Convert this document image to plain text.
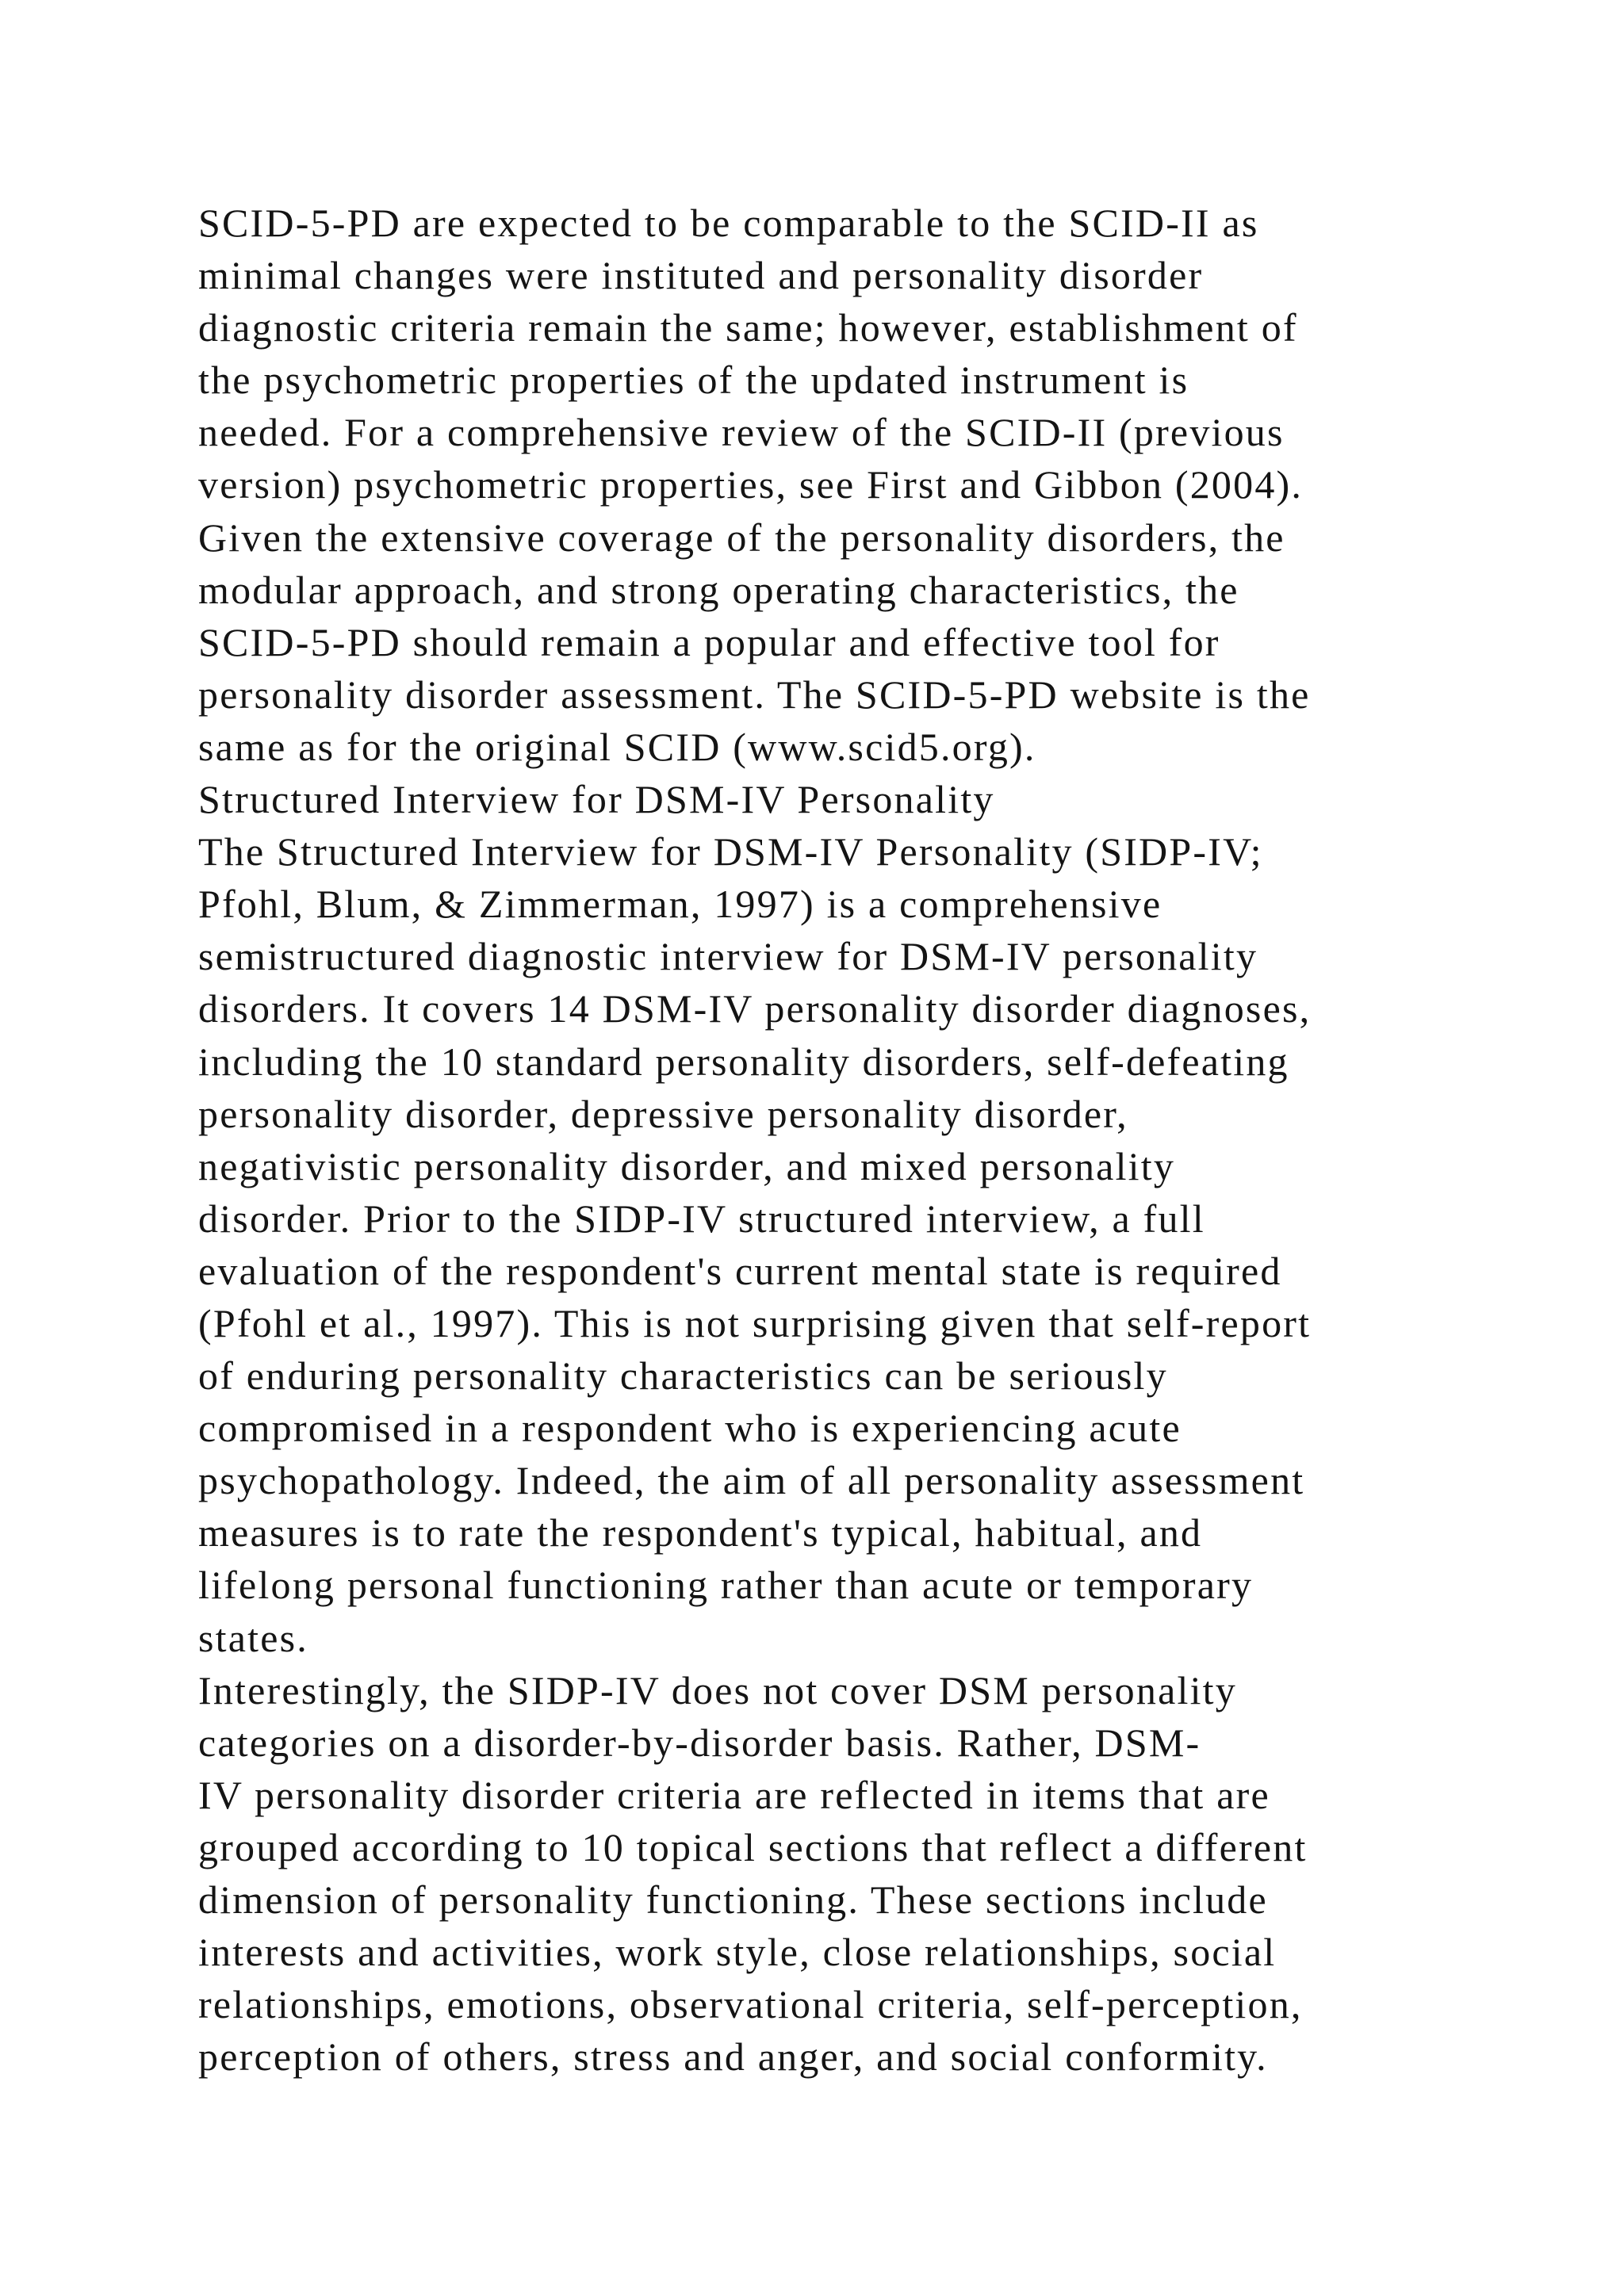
SCID-5-PD are expected to be comparable to the SCID-II as
minimal changes were instituted and personality disorder
diagnostic criteria remain the same; however, establishment of
the psychometric properties of the updated instrument is
needed. For a comprehensive review of the SCID-II (previous
version) psychometric properties, see First and Gibbon (2004).
Given the extensive coverage of the personality disorders, the
modular approach, and strong operating characteristics, the
SCID-5-PD should remain a popular and effective tool for
personality disorder assessment. The SCID-5-PD website is the
same as for the original SCID (www.scid5.org).
Structured Interview for DSM-IV Personality
The Structured Interview for DSM-IV Personality (SIDP-IV;
Pfohl, Blum, & Zimmerman, 1997) is a comprehensive
semistructured diagnostic interview for DSM-IV personality
disorders. It covers 14 DSM-IV personality disorder diagnoses,
including the 10 standard personality disorders, self-defeating
personality disorder, depressive personality disorder,
negativistic personality disorder, and mixed personality
disorder. Prior to the SIDP-IV structured interview, a full
evaluation of the respondent's current mental state is required
(Pfohl et al., 1997). This is not surprising given that self-report
of enduring personality characteristics can be seriously
compromised in a respondent who is experiencing acute
psychopathology. Indeed, the aim of all personality assessment
measures is to rate the respondent's typical, habitual, and
lifelong personal functioning rather than acute or temporary
states.
Interestingly, the SIDP-IV does not cover DSM personality
categories on a disorder-by-disorder basis. Rather, DSM-
IV personality disorder criteria are reflected in items that are
grouped according to 10 topical sections that reflect a different
dimension of personality functioning. These sections include
interests and activities, work style, close relationships, social
relationships, emotions, observational criteria, self-perception,
perception of others, stress and anger, and social conformity.
